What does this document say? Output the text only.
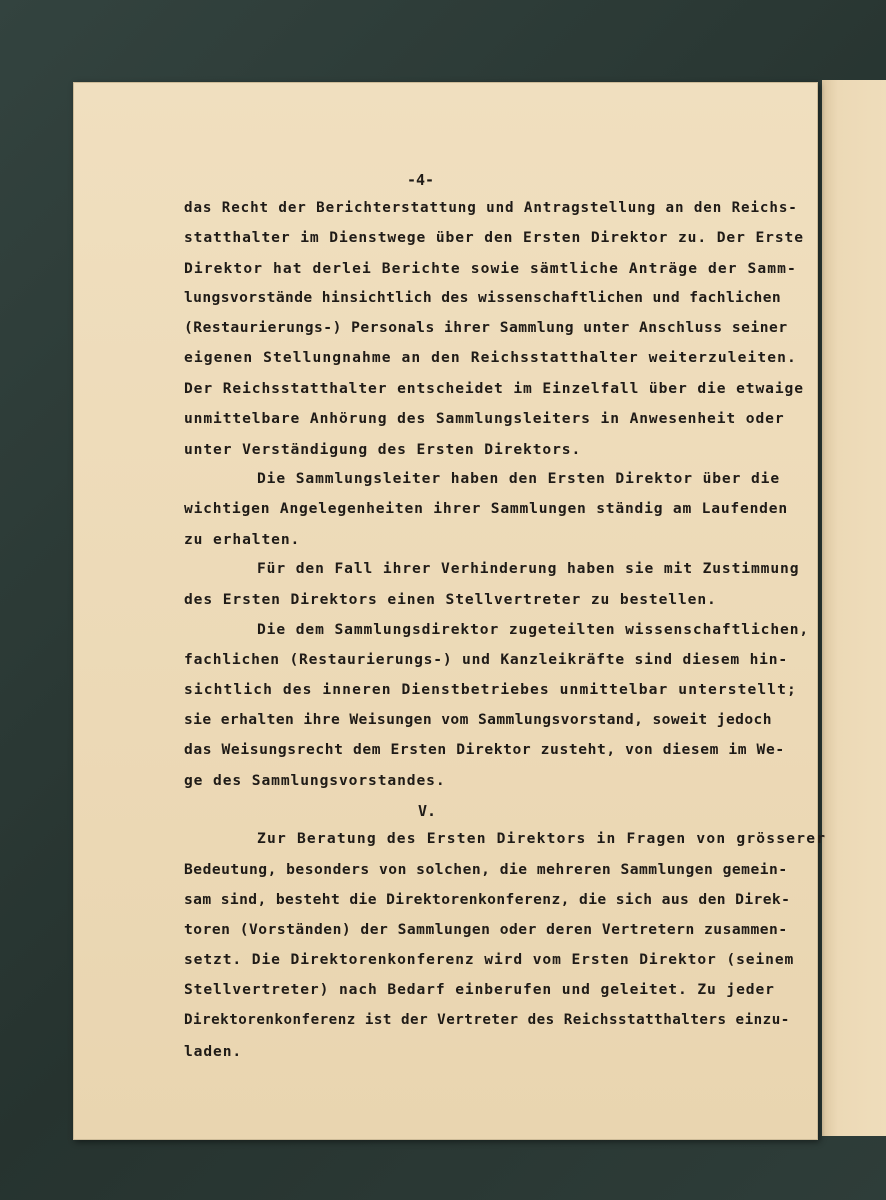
-4-
das Recht der Berichterstattung und Antragstellung an den Reichs-
statthalter im Dienstwege über den Ersten Direktor zu. Der Erste
Direktor hat derlei Berichte sowie sämtliche Anträge der Samm-
lungsvorstände hinsichtlich des wissenschaftlichen und fachlichen
(Restaurierungs-) Personals ihrer Sammlung unter Anschluss seiner
eigenen Stellungnahme an den Reichsstatthalter weiterzuleiten.
Der Reichsstatthalter entscheidet im Einzelfall über die etwaige
unmittelbare Anhörung des Sammlungsleiters in Anwesenheit oder
unter Verständigung des Ersten Direktors.
Die Sammlungsleiter haben den Ersten Direktor über die
wichtigen Angelegenheiten ihrer Sammlungen ständig am Laufenden
zu erhalten.
Für den Fall ihrer Verhinderung haben sie mit Zustimmung
des Ersten Direktors einen Stellvertreter zu bestellen.
Die dem Sammlungsdirektor zugeteilten wissenschaftlichen,
fachlichen (Restaurierungs-) und Kanzleikräfte sind diesem hin-
sichtlich des inneren Dienstbetriebes unmittelbar unterstellt;
sie erhalten ihre Weisungen vom Sammlungsvorstand, soweit jedoch
das Weisungsrecht dem Ersten Direktor zusteht, von diesem im We-
ge des Sammlungsvorstandes.
Zur Beratung des Ersten Direktors in Fragen von grösserer
Bedeutung, besonders von solchen, die mehreren Sammlungen gemein-
sam sind, besteht die Direktorenkonferenz, die sich aus den Direk-
toren (Vorständen) der Sammlungen oder deren Vertretern zusammen-
setzt. Die Direktorenkonferenz wird vom Ersten Direktor (seinem
Stellvertreter) nach Bedarf einberufen und geleitet. Zu jeder
Direktorenkonferenz ist der Vertreter des Reichsstatthalters einzu-
laden.
V.
